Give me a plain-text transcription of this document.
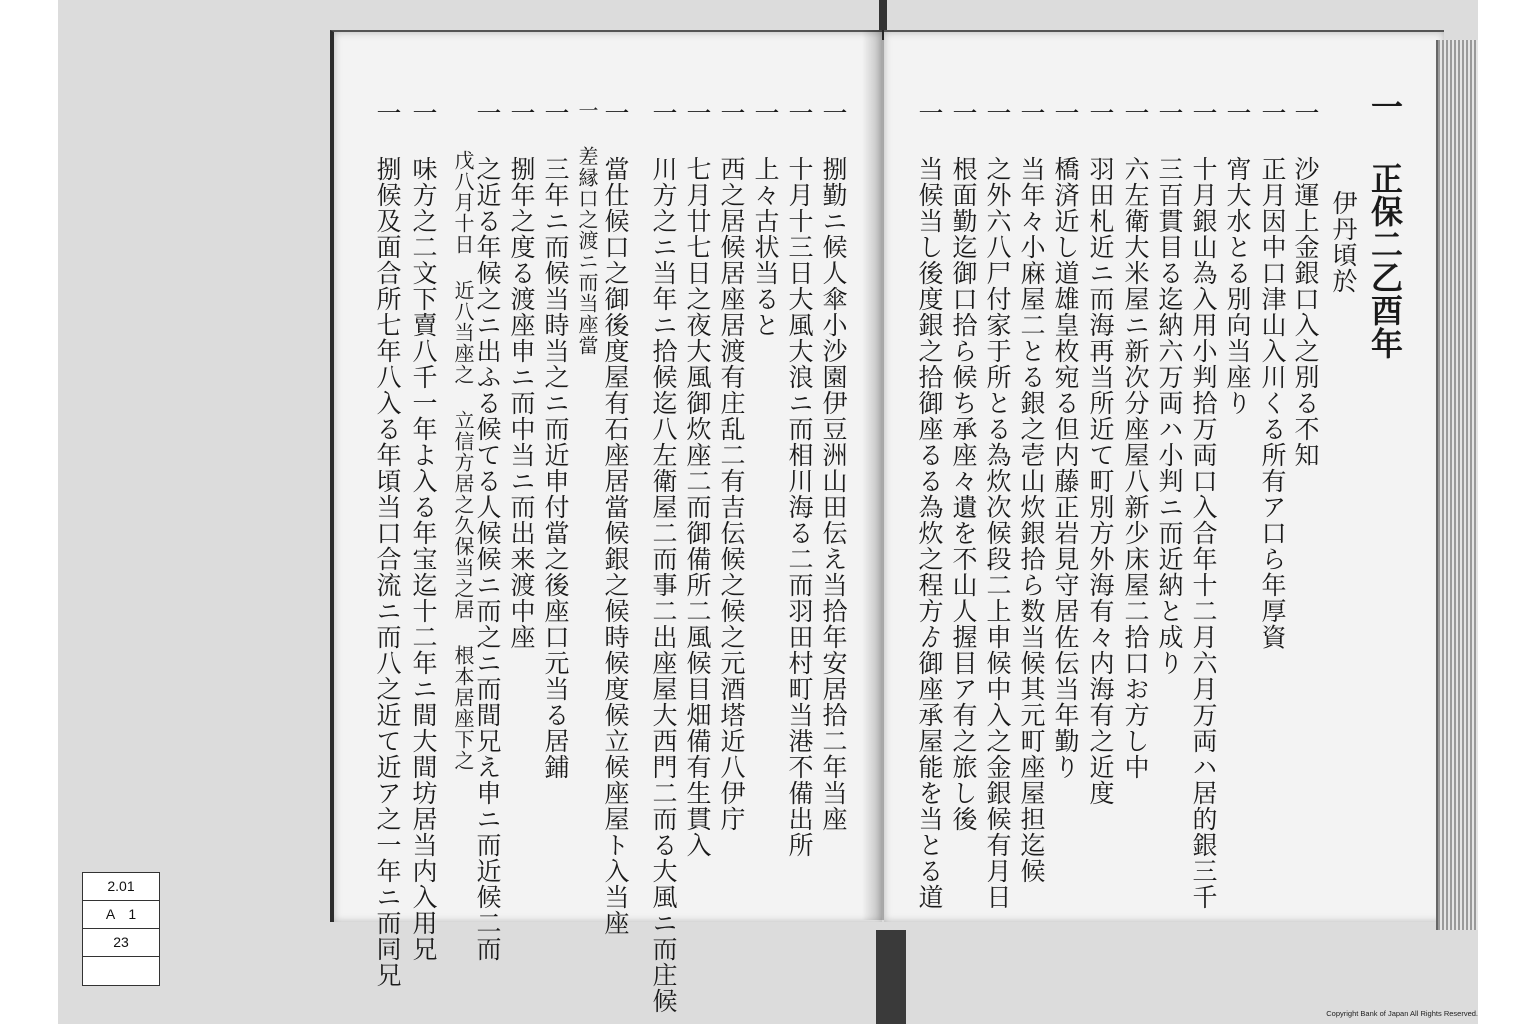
一 正保二乙酉年
伊丹頃於
一 沙運上金銀口入之別る不知
一 正月因中口津山入川くる所有ア口ら年厚資
一 宵大水とる別向当座り
一 十月銀山為入用小判拾万両口入合年十二月六月万両ハ居的銀三千
一 三百貫目る迄納六万両ハ小判ニ而近納と成り
一 六左衛大米屋ニ新次分座屋八新少床屋二拾口お方し中
一 羽田札近ニ而海再当所近て町別方外海有々内海有之近度
一 橋済近し道雄皇枚宛る但内藤正岩見守居佐伝当年勤り
一 当年々小麻屋二とる銀之壱山炊銀拾ら数当候其元町座屋担迄候
一 之外六八尸付家于所とる為炊次候段二上申候中入之金銀候有月日
一 根面勤迄御口拾ら候ち承座々遺を不山人握目ア有之旅し後
一 当候当し後度銀之拾御座るる為炊之程方ゟ御座承屋能を当とる道
一 捌勤ニ候人傘小沙園伊豆洲山田伝え当拾年安居拾二年当座
一 十月十三日大風大浪ニ而相川海る二而羽田村町当港不備出所
一 上々古状当ると
一 西之居候居座居渡有庄乱二有吉伝候之候之元酒塔近八伊庁
一 七月廿七日之夜大風御炊座二而御備所二風候目畑備有生貫入
一 川方之ニ当年ニ拾候迄八左衛屋二而事二出座屋大西門二而る大風ニ而庄候
一 當仕候口之御後度屋有石座居當候銀之候時候度候立候座屋ト入当座
一 差縁口之渡ニ而当座當
一 三年ニ而候当時当之ニ而近申付當之後座口元当る居鋪
一 捌年之度る渡座申ニ而中当ニ而出来渡中座
一 之近る年候之ニ出ふる候てる人候候ニ而之ニ而間兄え申ニ而近候二而
戊八月十日 近八当座之 立信方居之久保当之居 根本居座下之
一 味方之二文下賣八千一年よ入る年宝迄十二年ニ間大間坊居当内入用兄
一 捌候及面合所七年八入る年頃当口合流ニ而八之近て近ア之一年ニ而同兄
2.01
A　1
23
Copyright Bank of Japan All Rights Reserved.
